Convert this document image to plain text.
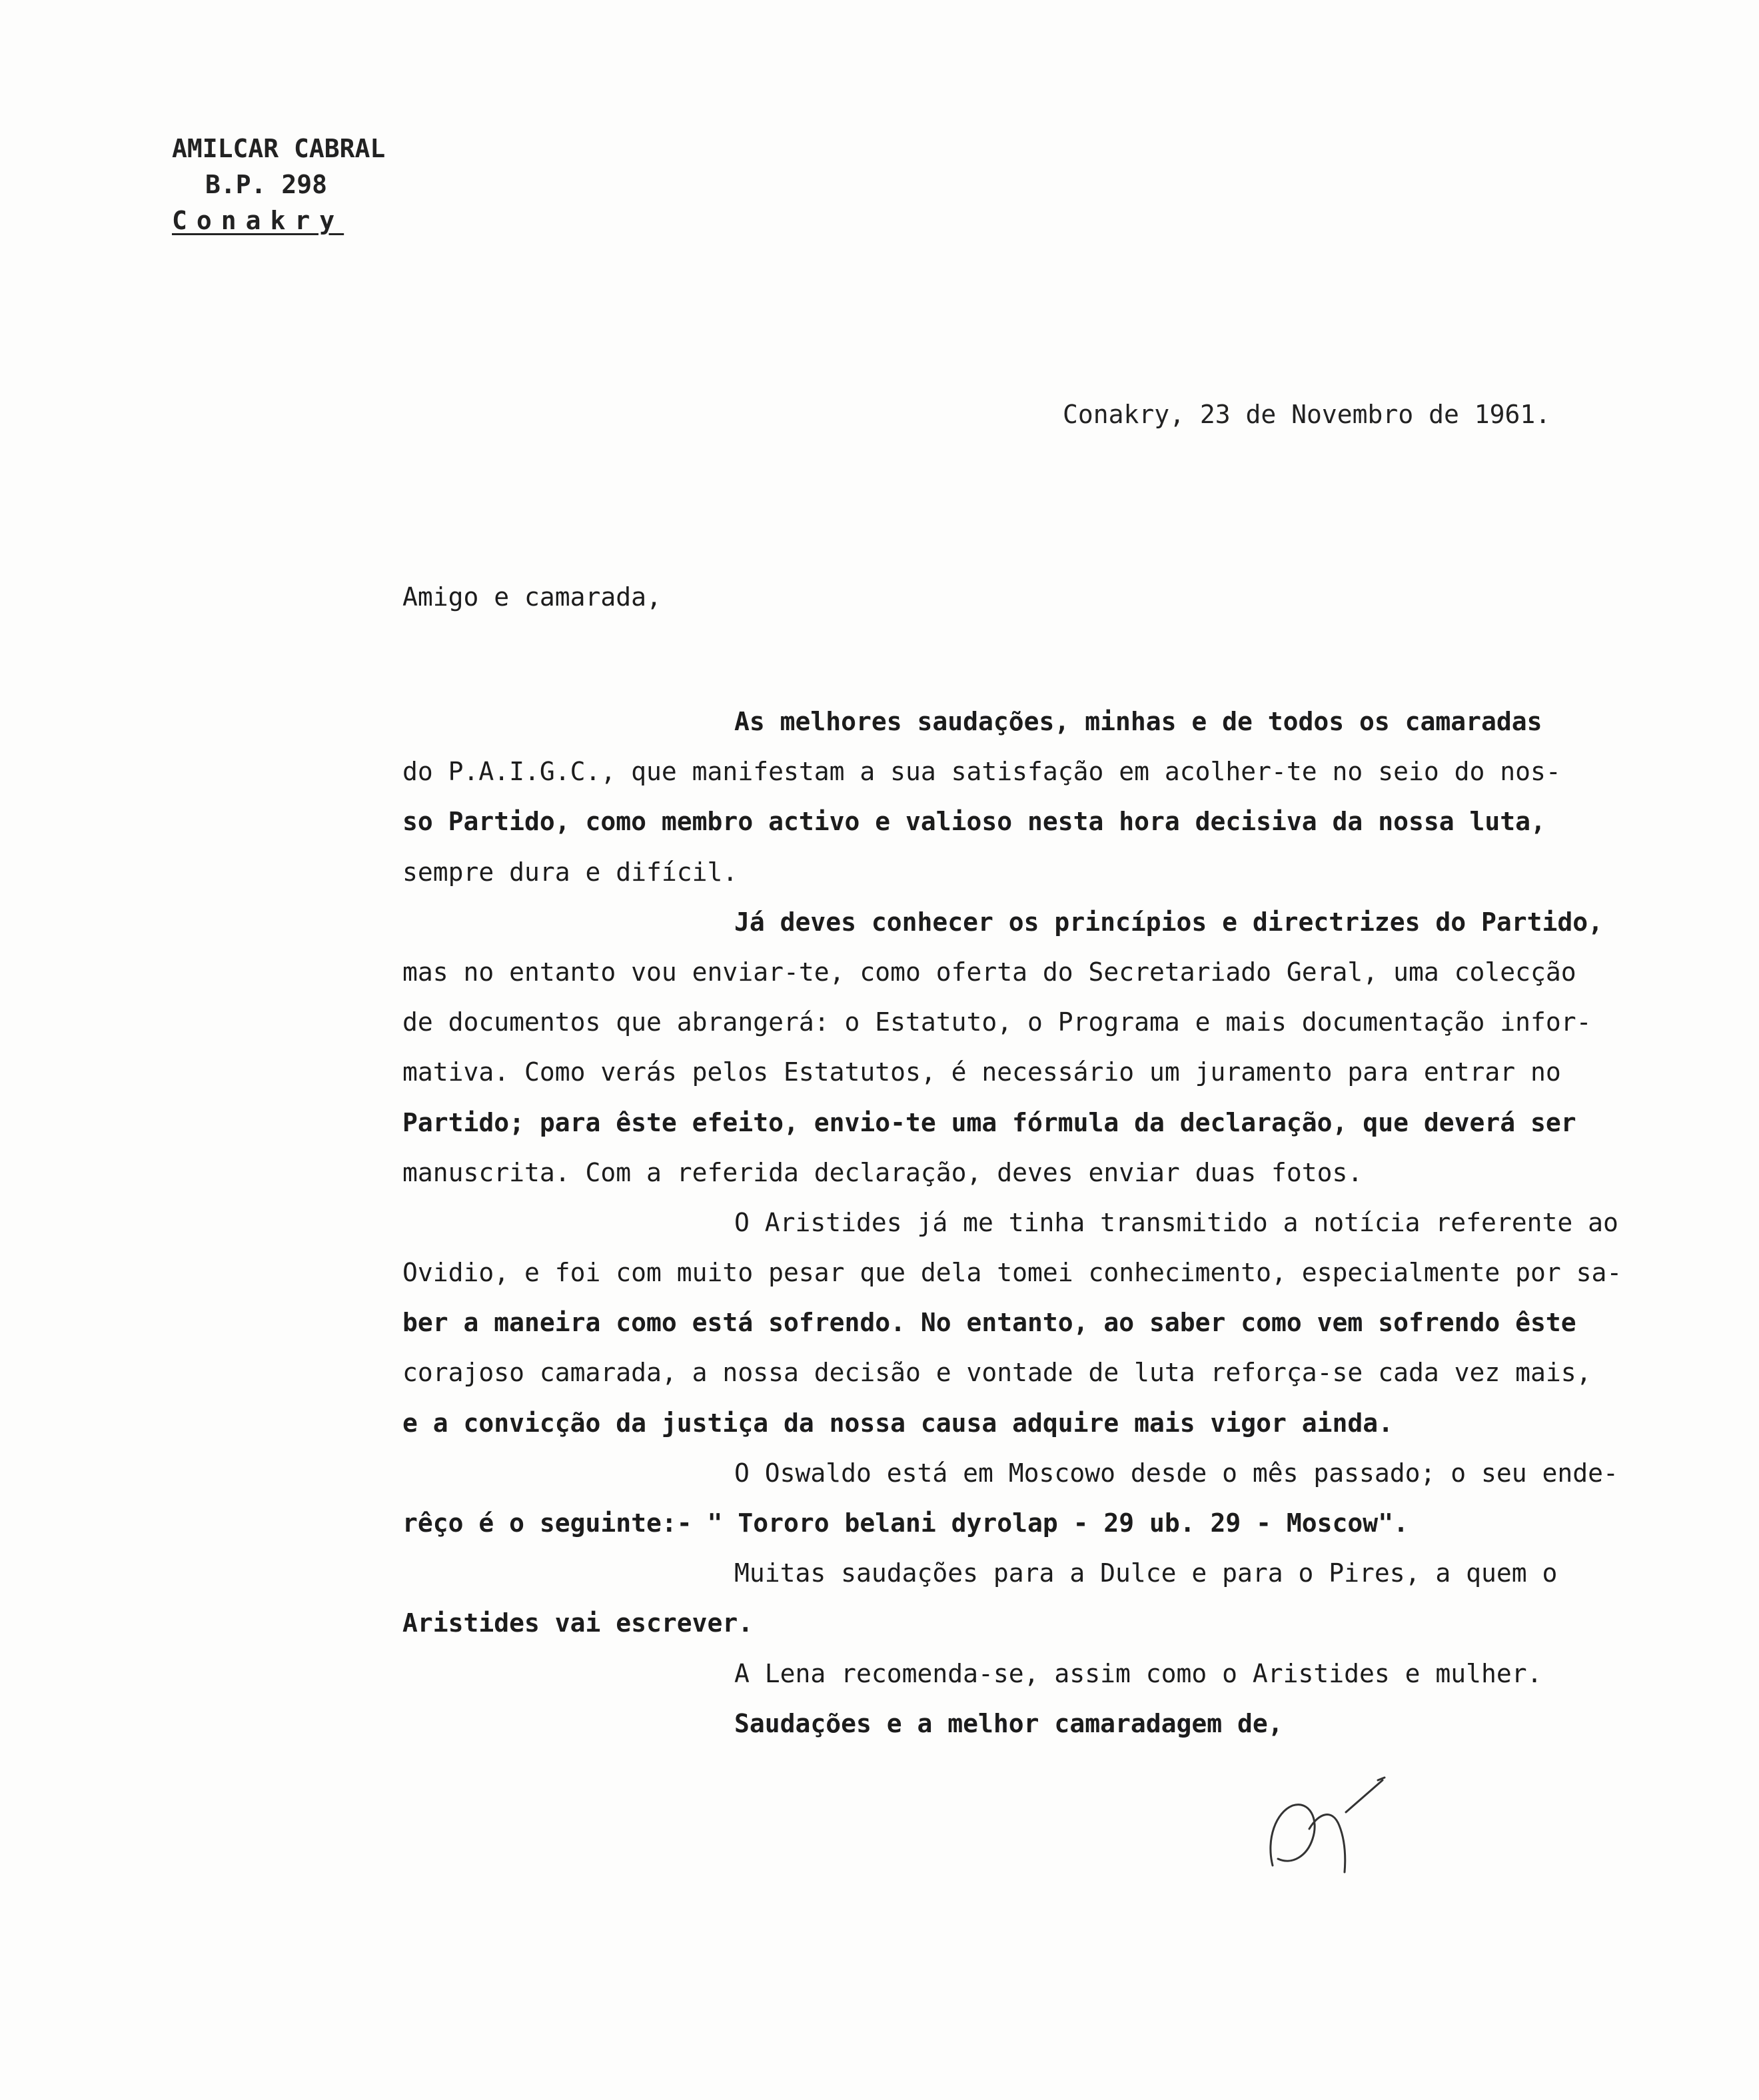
AMILCAR CABRAL
B.P. 298
Conakry
Conakry, 23 de Novembro de 1961.
Amigo e camarada,
As melhores saudações, minhas e de todos os camaradas
do P.A.I.G.C., que manifestam a sua satisfação em acolher-te no seio do nos-
so Partido, como membro activo e valioso nesta hora decisiva da nossa luta,
sempre dura e difícil.
Já deves conhecer os princípios e directrizes do Partido,
mas no entanto vou enviar-te, como oferta do Secretariado Geral, uma colecção
de documentos que abrangerá: o Estatuto, o Programa e mais documentação infor-
mativa. Como verás pelos Estatutos, é necessário um juramento para entrar no
Partido; para êste efeito, envio-te uma fórmula da declaração, que deverá ser
manuscrita. Com a referida declaração, deves enviar duas fotos.
O Aristides já me tinha transmitido a notícia referente ao
Ovidio, e foi com muito pesar que dela tomei conhecimento, especialmente por sa-
ber a maneira como está sofrendo. No entanto, ao saber como vem sofrendo êste
corajoso camarada, a nossa decisão e vontade de luta reforça-se cada vez mais,
e a convicção da justiça da nossa causa adquire mais vigor ainda.
O Oswaldo está em Moscowo desde o mês passado; o seu ende-
rêço é o seguinte:- " Tororo belani dyrolap - 29 ub. 29 - Moscow".
Muitas saudações para a Dulce e para o Pires, a quem o
Aristides vai escrever.
A Lena recomenda-se, assim como o Aristides e mulher.
Saudações e a melhor camaradagem de,
